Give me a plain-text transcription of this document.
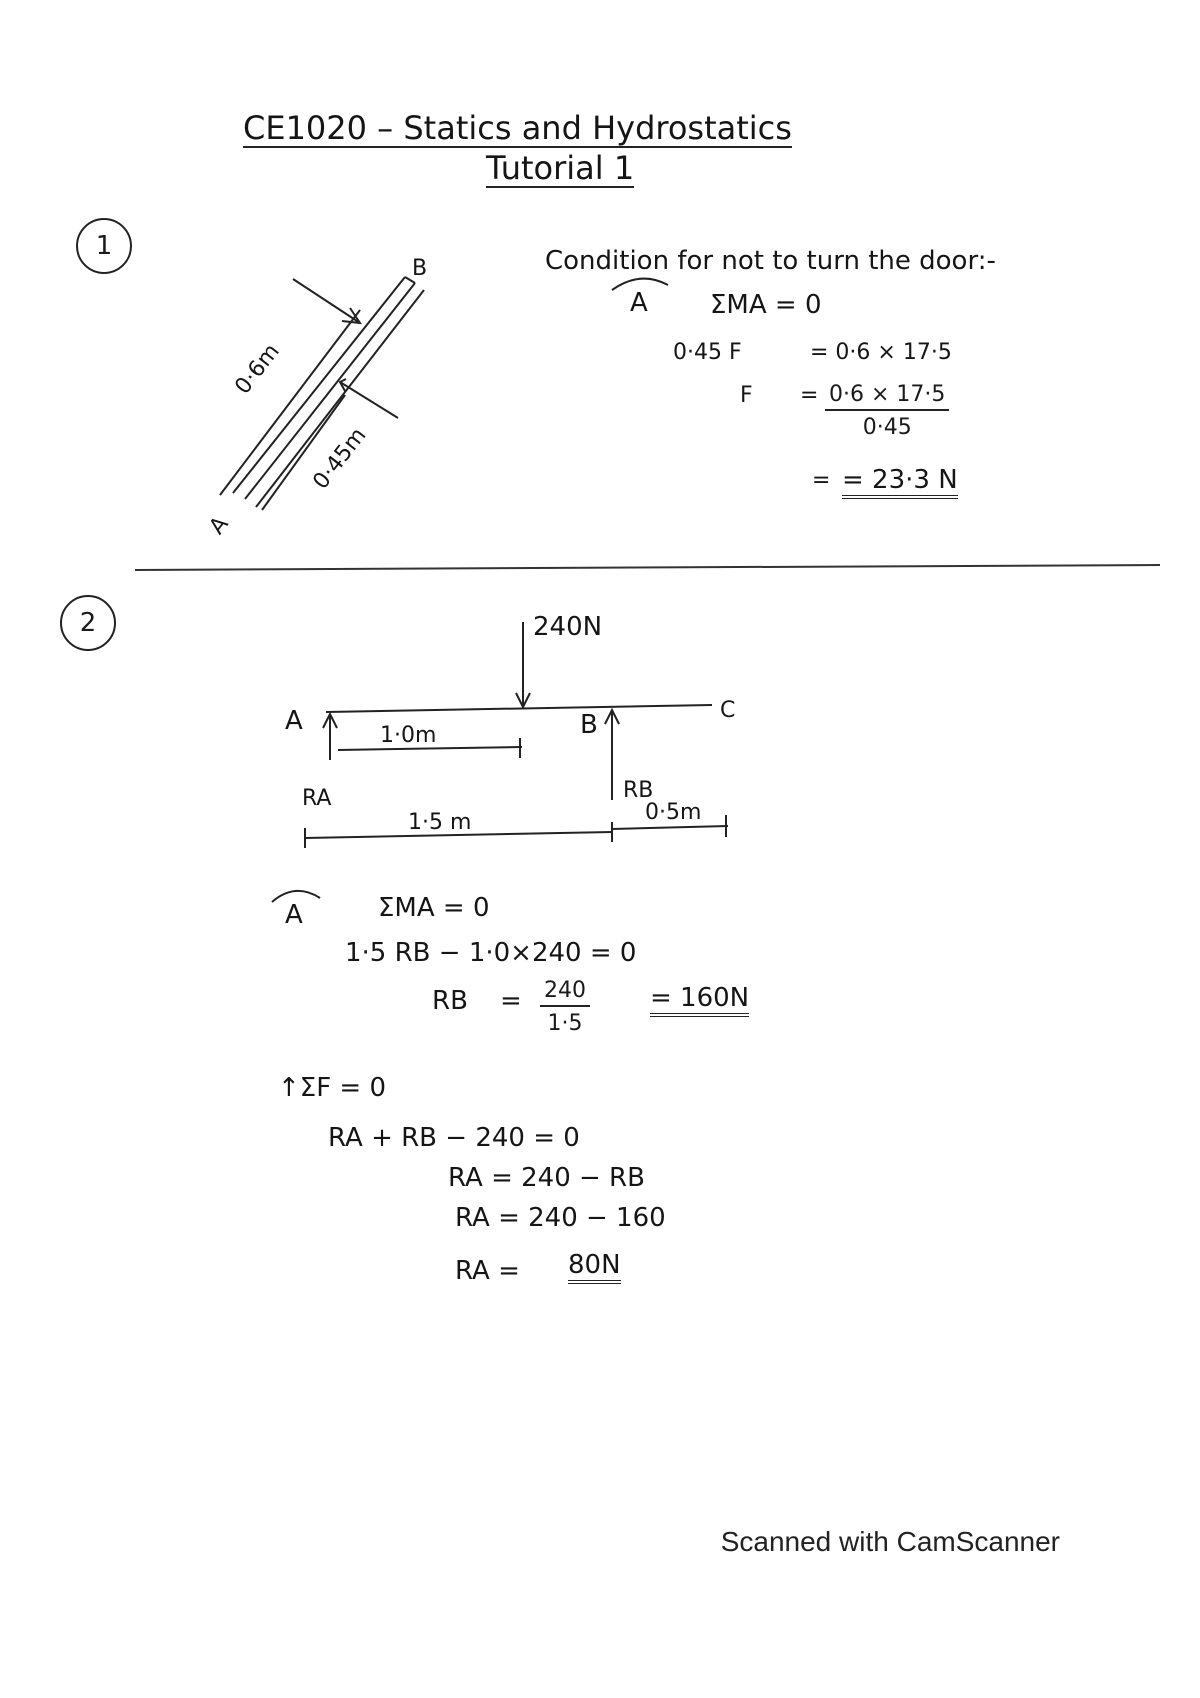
CE1020 – Statics and Hydrostatics
Tutorial 1
1
B
A
0·6m
0·45m
Condition for not to turn the door:-
A ΣMA = 0
0·45 F	= 0·6 × 17·5
$F = \frac{0\cdot 6 \times 17\cdot 5}{0\cdot 45}$
= = 23·3 N
2	240N
A	B	C
1·0m
RA	RB
1·5 m	0·5m
A	ΣMA = 0
1·5 RB − 1·0×240 = 0
RB = $\frac{240}{1\cdot 5} = 160N$
↑ΣF = 0
RA + RB − 240 = 0
RA = 240 − RB
RA = 240 − 160
RA = 80N
Scanned with CamScanner
